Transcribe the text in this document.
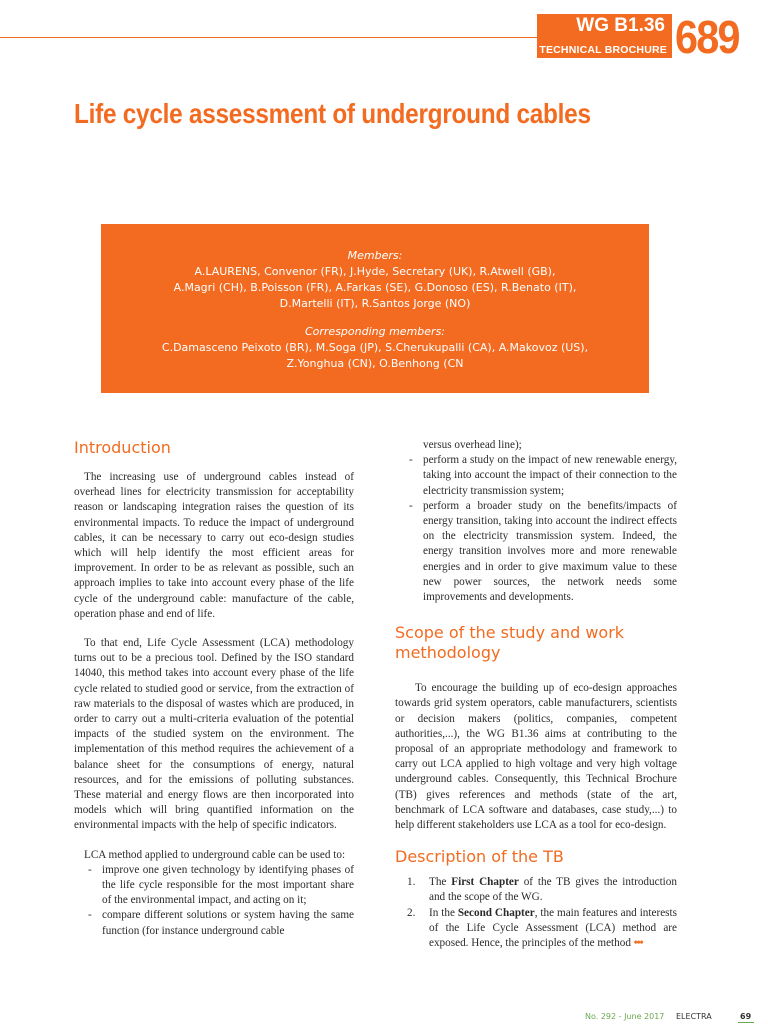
WG B1.36
TECHNICAL BROCHURE 689
Life cycle assessment of underground cables
Members:
A.LAURENS, Convenor (FR), J.Hyde, Secretary (UK), R.Atwell (GB),
A.Magri (CH), B.Poisson (FR), A.Farkas (SE), G.Donoso (ES), R.Benato (IT),
D.Martelli (IT), R.Santos Jorge (NO)
Corresponding members:
C.Damasceno Peixoto (BR), M.Soga (JP), S.Cherukupalli (CA), A.Makovoz (US),
Z.Yonghua (CN), O.Benhong (CN
Introduction

The increasing use of underground cables instead of overhead lines for electricity transmission for acceptability reason or landscaping integration raises the question of its environmental impacts. To reduce the impact of underground cables, it can be necessary to carry out eco-design studies which will help identify the most efficient areas for improvement. In order to be as relevant as possible, such an approach implies to take into account every phase of the life cycle of the underground cable: manufacture of the cable, operation phase and end of life.

To that end, Life Cycle Assessment (LCA) methodology turns out to be a precious tool. Defined by the ISO standard 14040, this method takes into account every phase of the life cycle related to studied good or service, from the extraction of raw materials to the disposal of wastes which are produced, in order to carry out a multi-criteria evaluation of the potential impacts of the studied system on the environment. The implementation of this method requires the achievement of a balance sheet for the consumptions of energy, natural resources, and for the emissions of polluting substances. These material and energy flows are then incorporated into models which will bring quantified information on the environmental impacts with the help of specific indicators.

LCA method applied to underground cable can be used to:

- improve one given technology by identifying phases of the life cycle responsible for the most important share of the environmental impact, and acting on it;
- compare different solutions or system having the same function (for instance underground cable

versus overhead line);

- perform a study on the impact of new renewable energy, taking into account the impact of their connection to the electricity transmission system;
- perform a broader study on the benefits/impacts of energy transition, taking into account the indirect effects on the electricity transmission system. Indeed, the energy transition involves more and more renewable energies and in order to give maximum value to these new power sources, the network needs some improvements and developments.
Scope of the study and work methodology

To encourage the building up of eco-design approaches towards grid system operators, cable manufacturers, scientists or decision makers (politics, companies, competent authorities,...), the WG B1.36 aims at contributing to the proposal of an appropriate methodology and framework to carry out LCA applied to high voltage and very high voltage underground cables. Consequently, this Technical Brochure (TB) gives references and methods (state of the art, benchmark of LCA software and databases, case study,...) to help different stakeholders use LCA as a tool for eco-design.

Description of the TB
1. The First Chapter of the TB gives the introduction and the scope of the WG.
2. In the Second Chapter, the main features and interests of the Life Cycle Assessment (LCA) method are exposed. Hence, the principles of the method •••
No. 292 - June 2017 ELECTRA	69
